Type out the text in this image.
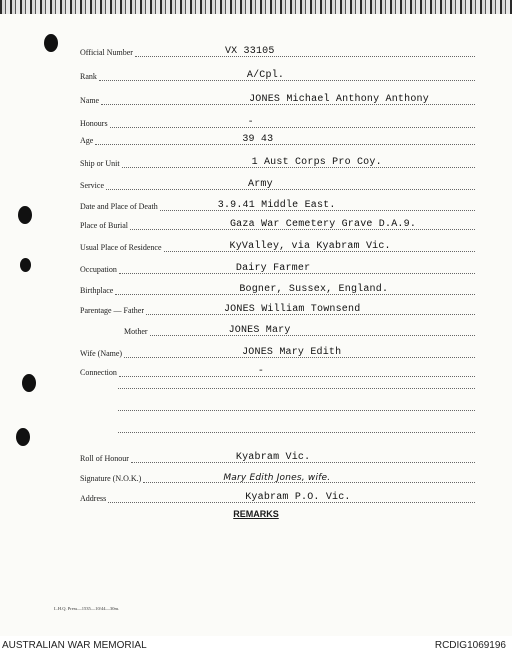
Official Number	VX 33105
Rank	A/Cpl.
Name	JONES Michael Anthony Anthony
Honours	-
Age	39 43
Ship or Unit	1 Aust Corps Pro Coy.
Service	Army
Date and Place of Death	3.9.41 Middle East.
Place of Burial	Gaza War Cemetery Grave D.A.9.
Usual Place of Residence	KyValley, via Kyabram Vic.
Occupation	Dairy Farmer
Birthplace	Bogner, Sussex, England.
Parentage — Father	JONES William Townsend
Mother	JONES Mary
Wife (Name)	JONES Mary Edith
Connection	-
Roll of Honour	Kyabram Vic.
Signature (N.O.K.)	Mary Edith Jones, wife.
Address	Kyabram P.O. Vic.
REMARKS
L.H.Q. Press—1535—10/44—30m.
AUSTRALIAN WAR MEMORIAL	RCDIG1069196
